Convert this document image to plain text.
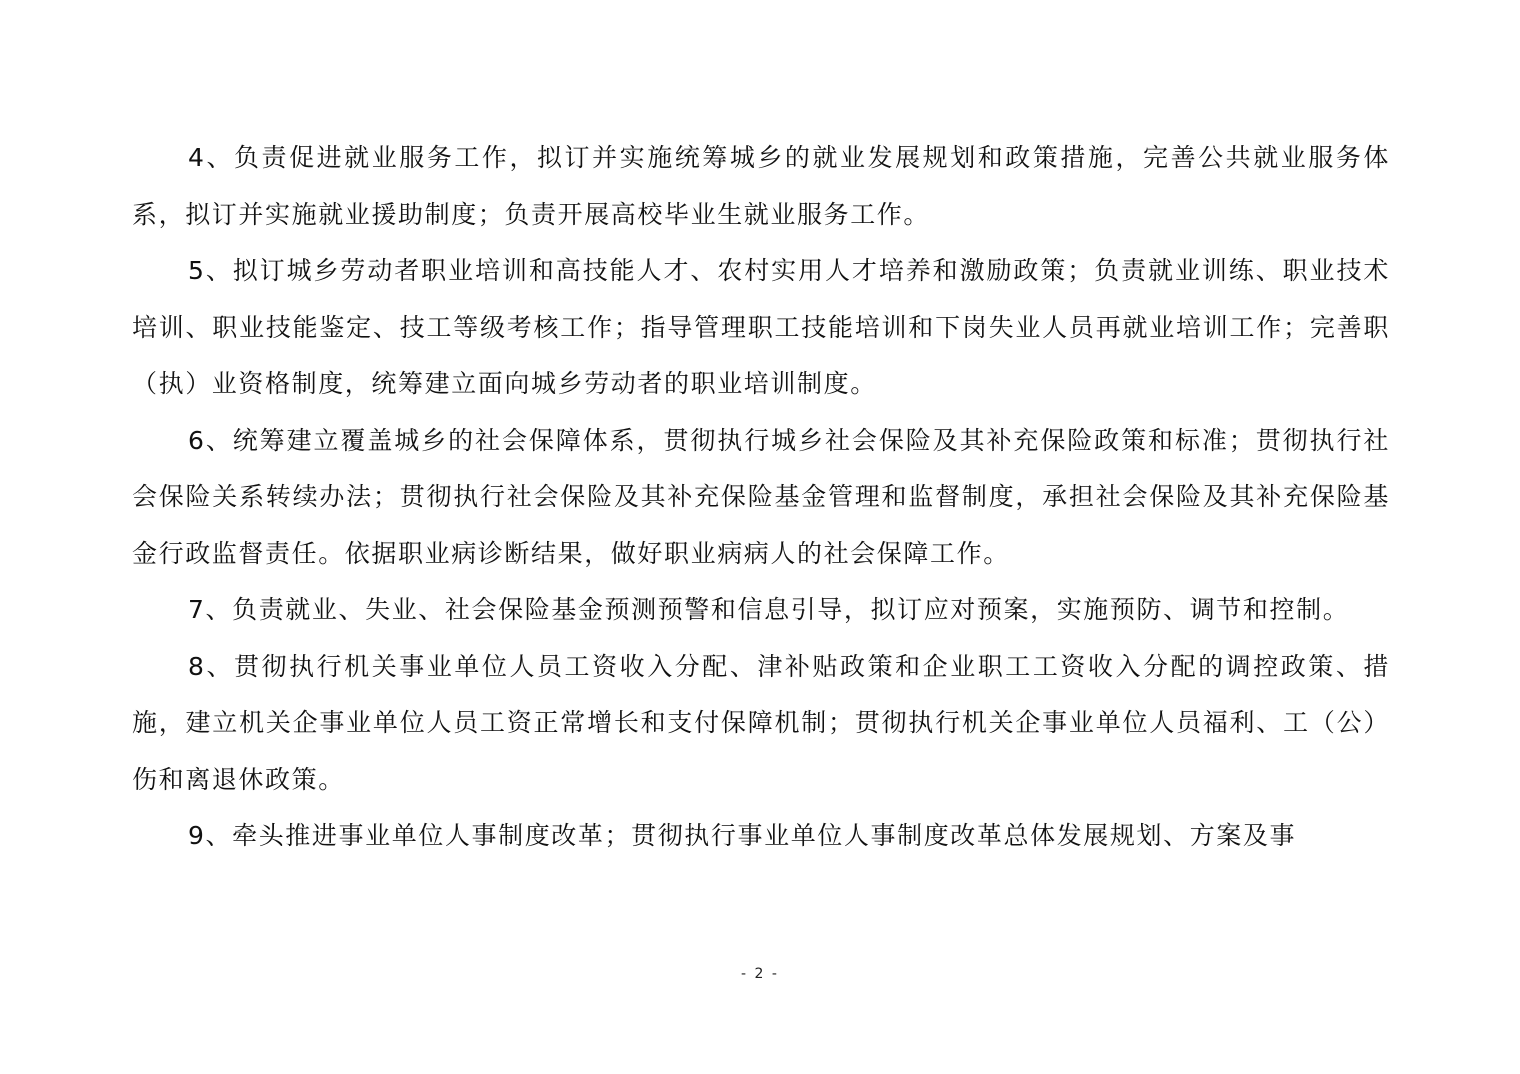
4、负责促进就业服务工作，拟订并实施统筹城乡的就业发展规划和政策措施，完善公共就业服务体系，拟订并实施就业援助制度；负责开展高校毕业生就业服务工作。

5、拟订城乡劳动者职业培训和高技能人才、农村实用人才培养和激励政策；负责就业训练、职业技术培训、职业技能鉴定、技工等级考核工作；指导管理职工技能培训和下岗失业人员再就业培训工作；完善职（执）业资格制度，统筹建立面向城乡劳动者的职业培训制度。

6、统筹建立覆盖城乡的社会保障体系，贯彻执行城乡社会保险及其补充保险政策和标准；贯彻执行社会保险关系转续办法；贯彻执行社会保险及其补充保险基金管理和监督制度，承担社会保险及其补充保险基金行政监督责任。依据职业病诊断结果，做好职业病病人的社会保障工作。

7、负责就业、失业、社会保险基金预测预警和信息引导，拟订应对预案，实施预防、调节和控制。

8、贯彻执行机关事业单位人员工资收入分配、津补贴政策和企业职工工资收入分配的调控政策、措施，建立机关企事业单位人员工资正常增长和支付保障机制；贯彻执行机关企事业单位人员福利、工（公）伤和离退休政策。

9、牵头推进事业单位人事制度改革；贯彻执行事业单位人事制度改革总体发展规划、方案及事

- 2 -
